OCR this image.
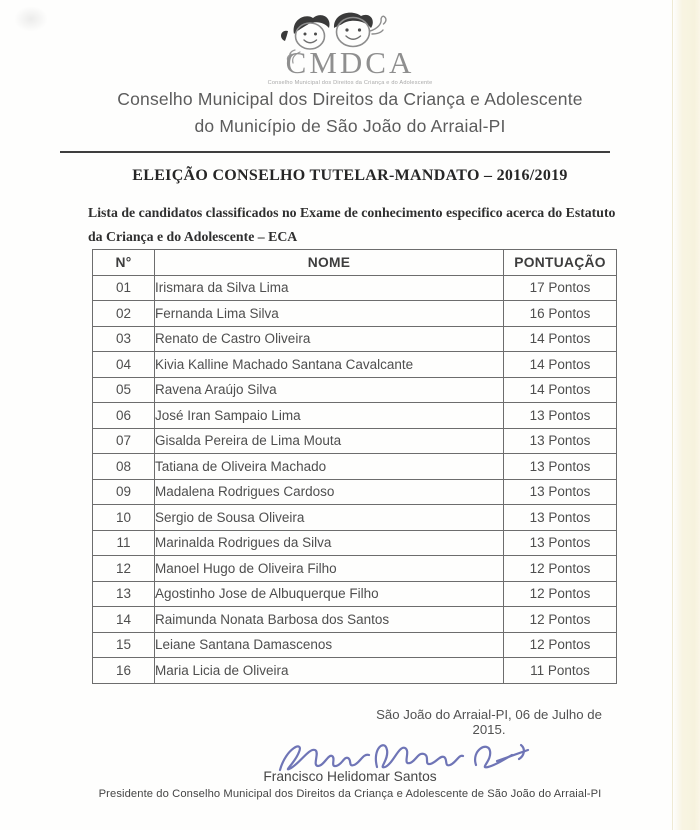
CMDCA
Conselho Municipal dos Direitos da Criança e do Adolescente
Conselho Municipal dos Direitos da Criança e Adolescente
do Município de São João do Arraial-PI
ELEIÇÃO CONSELHO TUTELAR-MANDATO – 2016/2019
Lista de candidatos classificados no Exame de conhecimento especifico acerca do Estatuto da Criança e do Adolescente – ECA
N°	NOME	PONTUAÇÃO
01	Irismara da Silva Lima	17 Pontos
02	Fernanda Lima Silva	16 Pontos
03	Renato de Castro Oliveira	14 Pontos
04	Kivia Kalline Machado Santana Cavalcante	14 Pontos
05	Ravena Araújo Silva	14 Pontos
06	José Iran Sampaio Lima	13 Pontos
07	Gisalda Pereira de Lima Mouta	13 Pontos
08	Tatiana de Oliveira Machado	13 Pontos
09	Madalena Rodrigues Cardoso	13 Pontos
10	Sergio de Sousa Oliveira	13 Pontos
11	Marinalda Rodrigues da Silva	13 Pontos
12	Manoel Hugo de Oliveira Filho	12 Pontos
13	Agostinho Jose de Albuquerque Filho	12 Pontos
14	Raimunda Nonata Barbosa dos Santos	12 Pontos
15	Leiane Santana Damascenos	12 Pontos
16	Maria Licia de Oliveira	11 Pontos
São João do Arraial-PI, 06 de Julho de 2015.
Francisco Helidomar Santos
Presidente do Conselho Municipal dos Direitos da Criança e Adolescente de São João do Arraial-PI
